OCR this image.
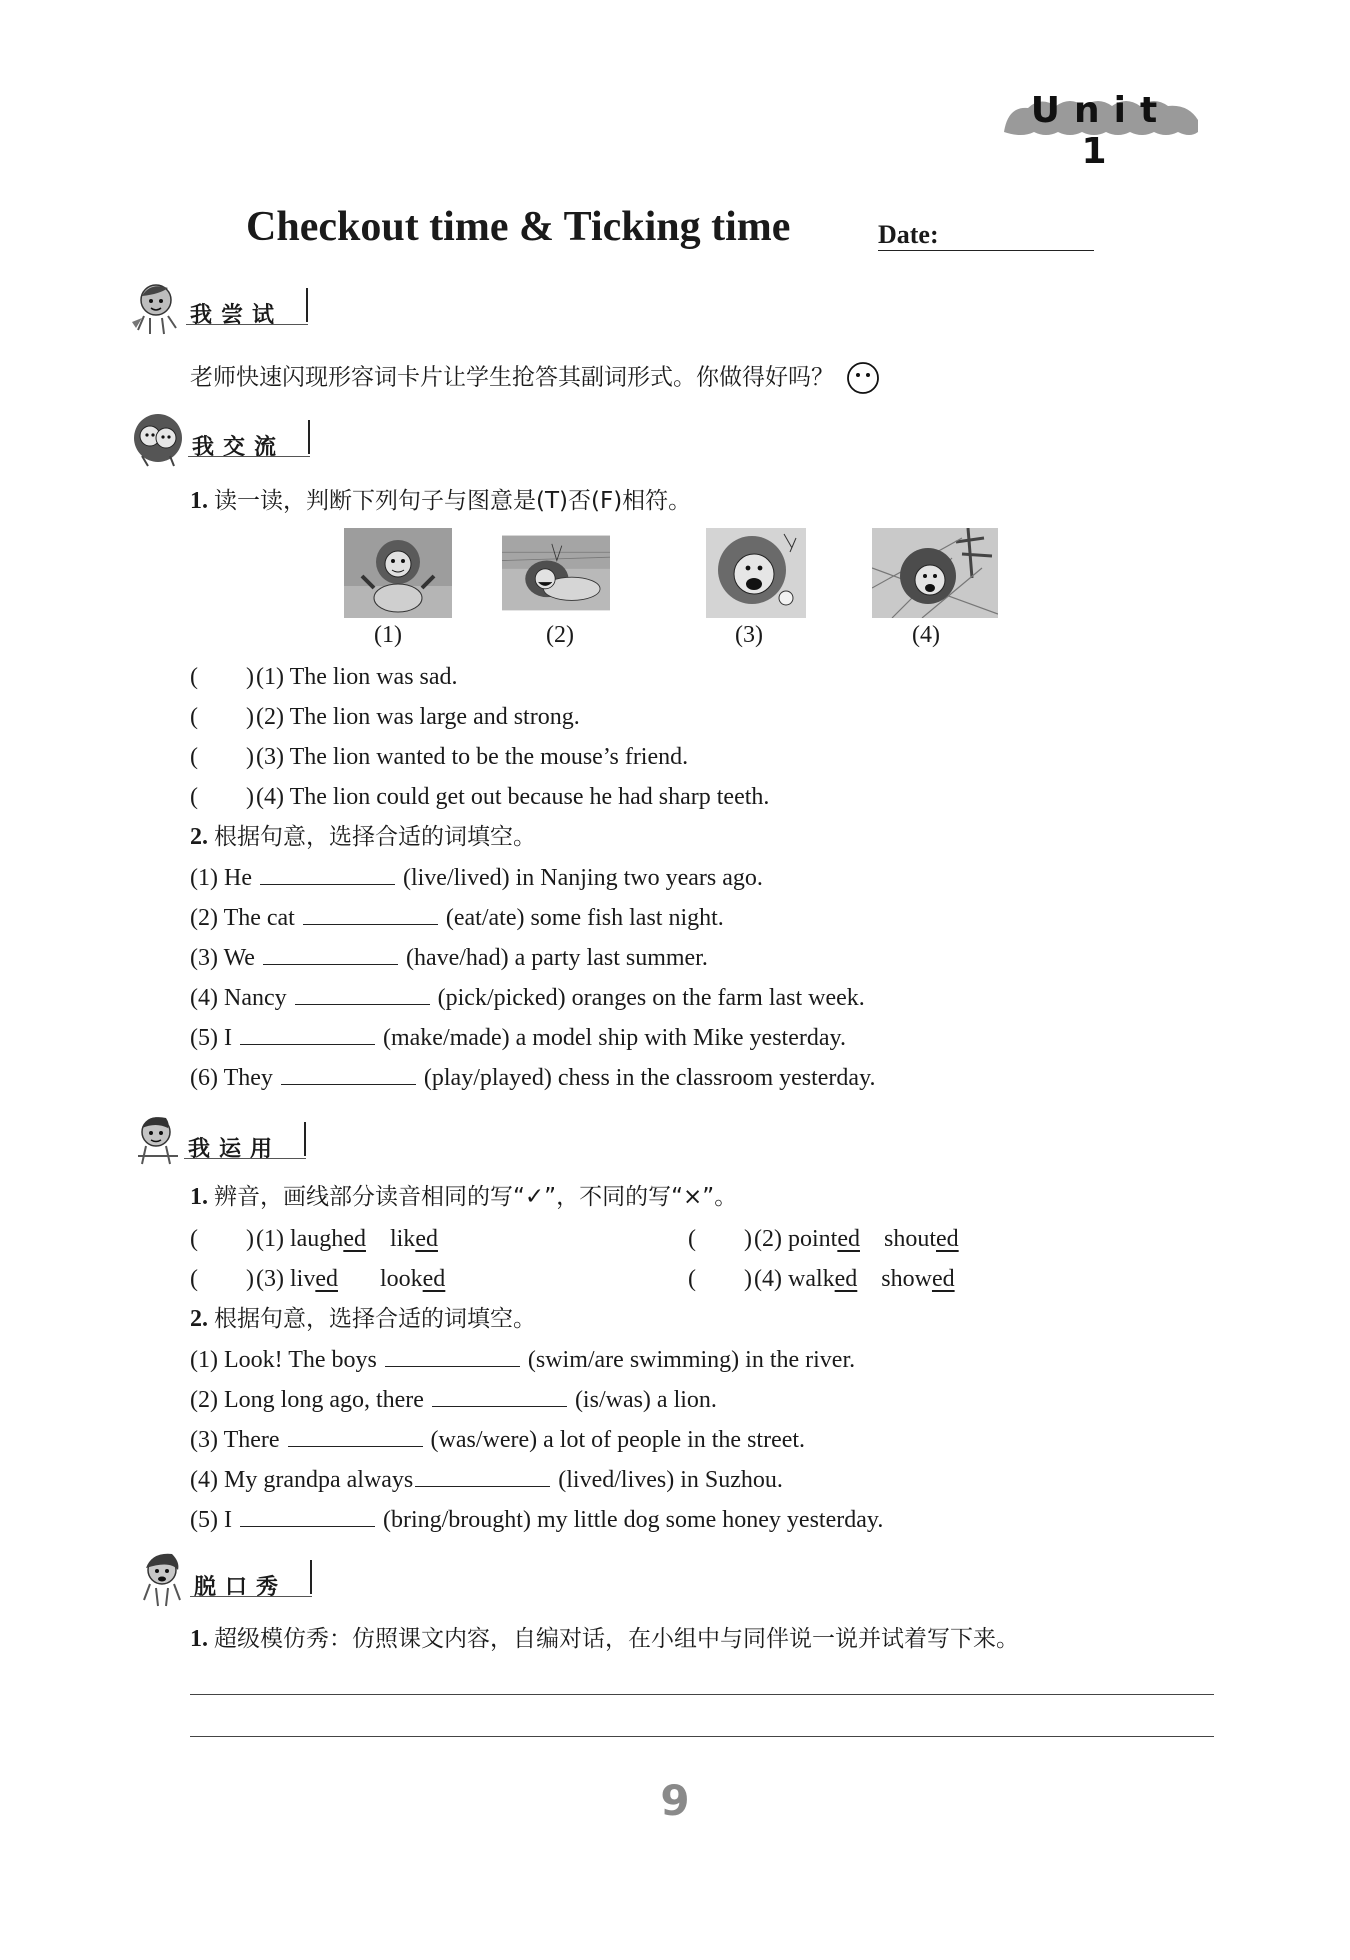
Unit 1
Checkout time & Ticking time	Date:
我尝试
老师快速闪现形容词卡片让学生抢答其副词形式。你做得好吗？
我交流
1. 读一读，判断下列句子与图意是(T)否(F)相符。
(1)	(2)	(3)	(4)
(　　)(1) The lion was sad.
(　　)(2) The lion was large and strong.
(　　)(3) The lion wanted to be the mouse’s friend.
(　　)(4) The lion could get out because he had sharp teeth.
2. 根据句意，选择合适的词填空。
(1) He	(live/lived) in Nanjing two years ago.
(2) The cat	(eat/ate) some fish last night.
(3) We	(have/had) a party last summer.
(4) Nancy	(pick/picked) oranges on the farm last week.
(5) I	(make/made) a model ship with Mike yesterday.
(6) They	(play/played) chess in the classroom yesterday.
我运用
1. 辨音，画线部分读音相同的写“✓”，不同的写“×”。
(　　)(1) laughed liked	(　　)(2) pointed shouted
(　　)(3) lived looked	(　　)(4) walked showed
2. 根据句意，选择合适的词填空。
(1) Look! The boys	(swim/are swimming) in the river.
(2) Long long ago, there	(is/was) a lion.
(3) There	(was/were) a lot of people in the street.
(4) My grandpa always	(lived/lives) in Suzhou.
(5) I	(bring/brought) my little dog some honey yesterday.
脱口秀
1. 超级模仿秀：仿照课文内容，自编对话，在小组中与同伴说一说并试着写下来。
9
